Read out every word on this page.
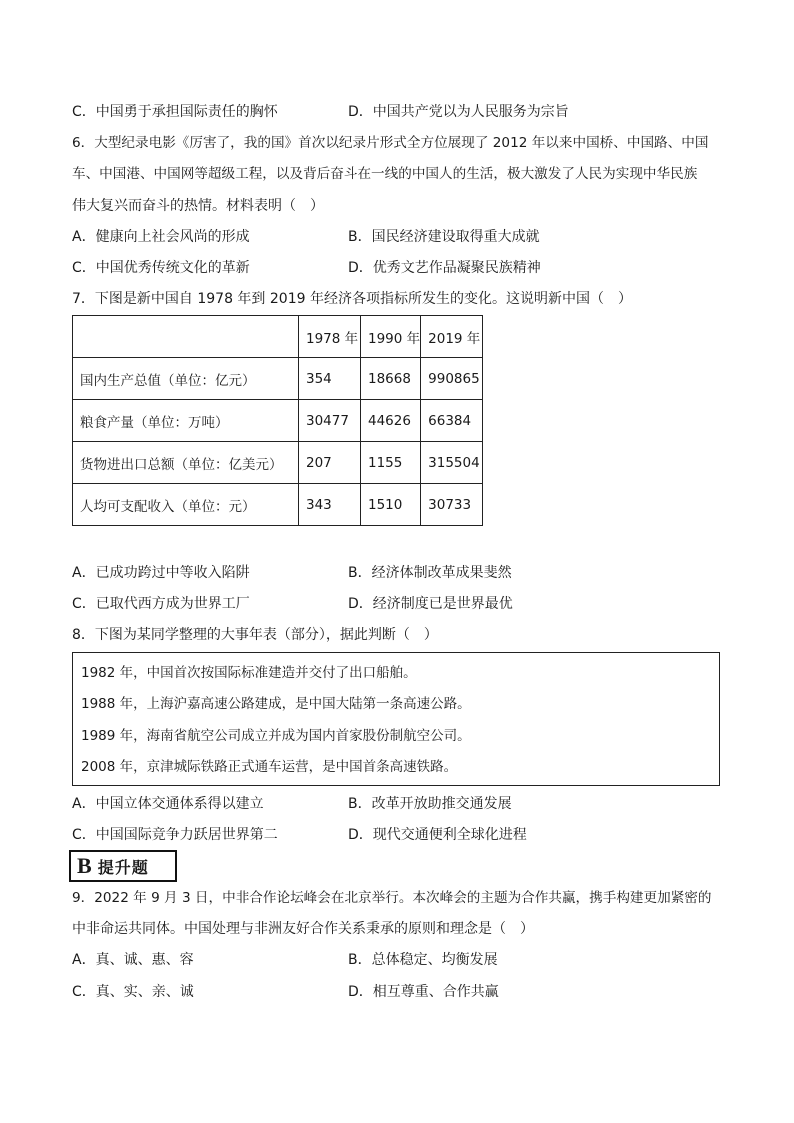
C．中国勇于承担国际责任的胸怀	D．中国共产党以为人民服务为宗旨
6．大型纪录电影《厉害了，我的国》首次以纪录片形式全方位展现了 2012 年以来中国桥、中国路、中国
车、中国港、中国网等超级工程，以及背后奋斗在一线的中国人的生活，极大激发了人民为实现中华民族
伟大复兴而奋斗的热情。材料表明（　）
A．健康向上社会风尚的形成	B．国民经济建设取得重大成就
C．中国优秀传统文化的革新	D．优秀文艺作品凝聚民族精神
7．下图是新中国自 1978 年到 2019 年经济各项指标所发生的变化。这说明新中国（　）
	1978 年	1990 年	2019 年
国内生产总值（单位：亿元）	354	18668	990865
粮食产量（单位：万吨）	30477	44626	66384
货物进出口总额（单位：亿美元）	207	1155	315504
人均可支配收入（单位：元）	343	1510	30733
A．已成功跨过中等收入陷阱	B．经济体制改革成果斐然
C．已取代西方成为世界工厂	D．经济制度已是世界最优
8．下图为某同学整理的大事年表（部分），据此判断（　）
1982 年，中国首次按国际标准建造并交付了出口船舶。
1988 年，上海沪嘉高速公路建成，是中国大陆第一条高速公路。
1989 年，海南省航空公司成立并成为国内首家股份制航空公司。
2008 年，京津城际铁路正式通车运营，是中国首条高速铁路。
A．中国立体交通体系得以建立	B．改革开放助推交通发展
C．中国国际竞争力跃居世界第二	D．现代交通便利全球化进程
B 提升题
9．2022 年 9 月 3 日，中非合作论坛峰会在北京举行。本次峰会的主题为合作共赢，携手构建更加紧密的
中非命运共同体。中国处理与非洲友好合作关系秉承的原则和理念是（　）
A．真、诚、惠、容	B．总体稳定、均衡发展
C．真、实、亲、诚	D．相互尊重、合作共赢
